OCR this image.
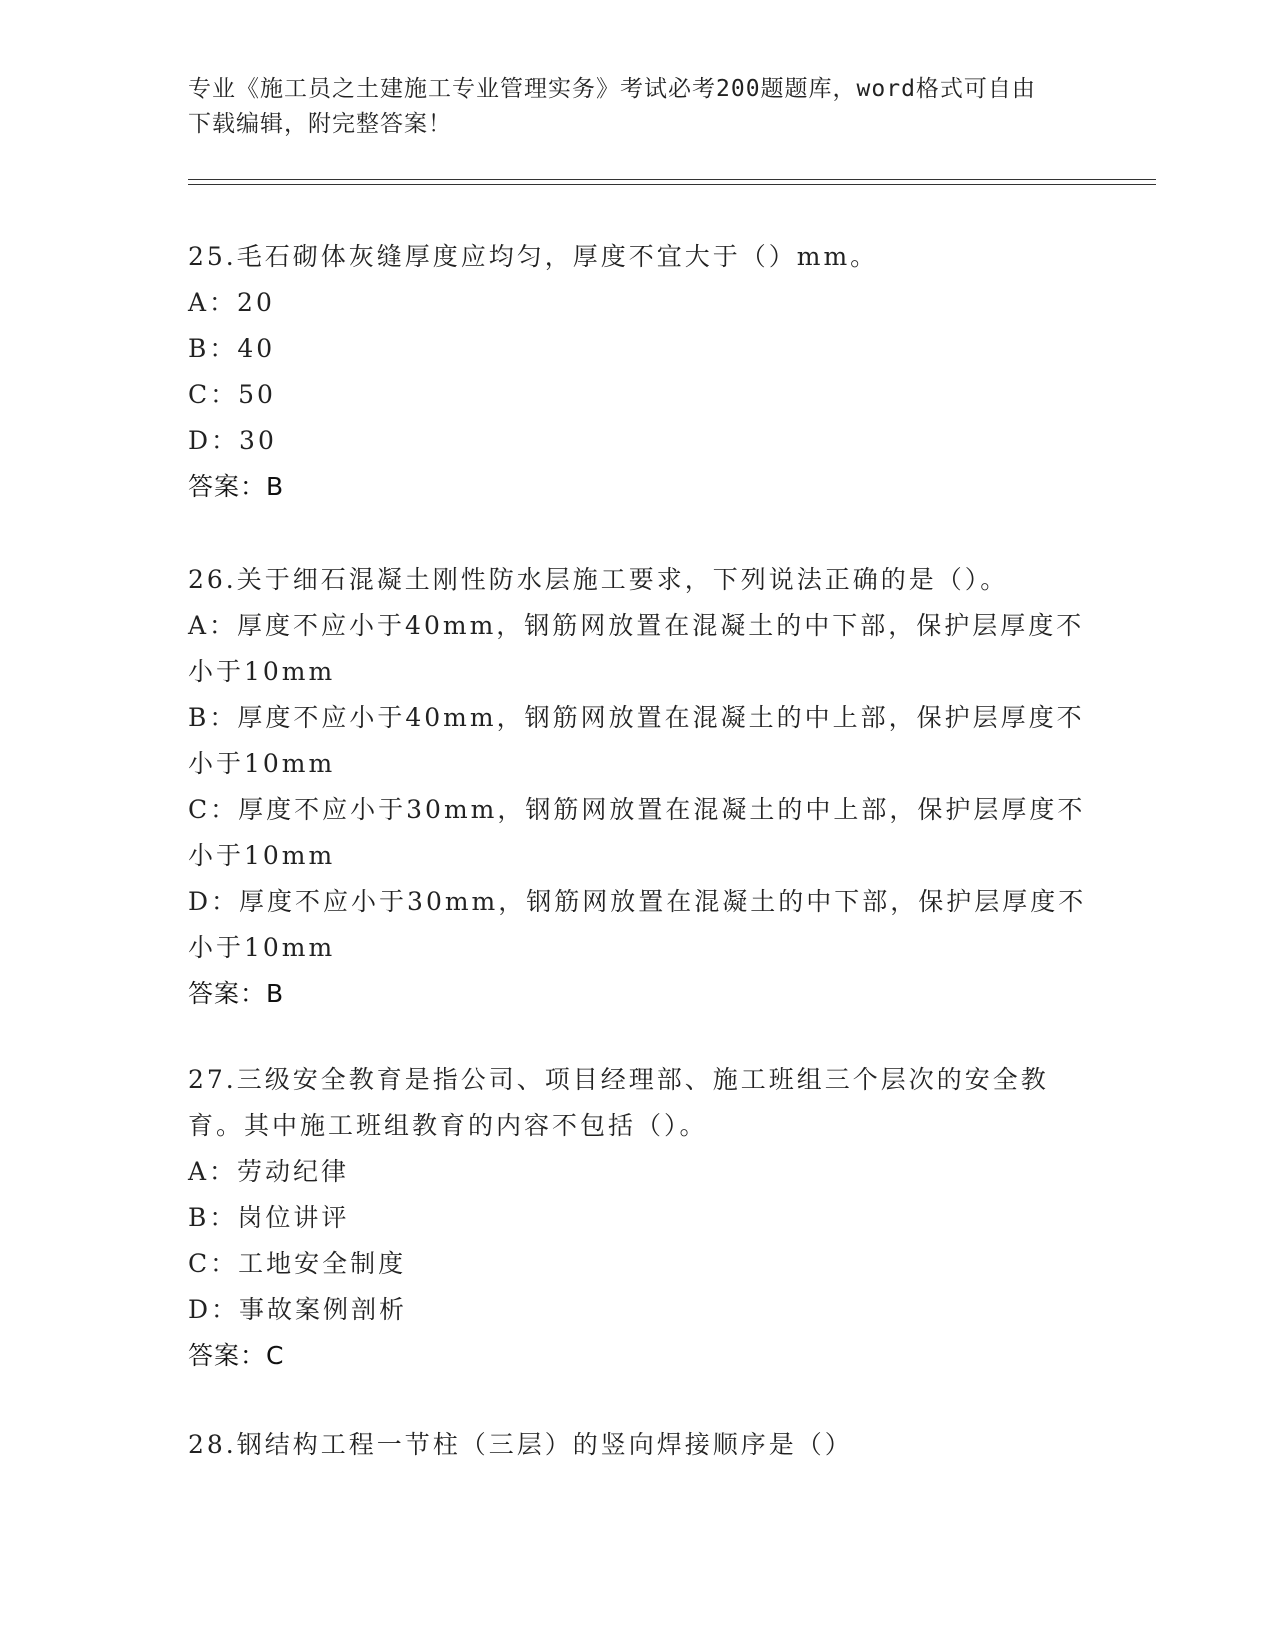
专业《施工员之土建施工专业管理实务》考试必考200题题库，word格式可自由
下载编辑，附完整答案！

25.毛石砌体灰缝厚度应均匀，厚度不宜大于（）mm。

A：20

B：40

C：50

D：30

答案：B

26.关于细石混凝土刚性防水层施工要求，下列说法正确的是（）。

A：厚度不应小于40mm，钢筋网放置在混凝土的中下部，保护层厚度不小于10mm

B：厚度不应小于40mm，钢筋网放置在混凝土的中上部，保护层厚度不小于10mm

C：厚度不应小于30mm，钢筋网放置在混凝土的中上部，保护层厚度不小于10mm

D：厚度不应小于30mm，钢筋网放置在混凝土的中下部，保护层厚度不小于10mm

答案：B

27.三级安全教育是指公司、项目经理部、施工班组三个层次的安全教育。其中施工班组教育的内容不包括（）。

A：劳动纪律

B：岗位讲评

C：工地安全制度

D：事故案例剖析

答案：C

28.钢结构工程一节柱（三层）的竖向焊接顺序是（）
